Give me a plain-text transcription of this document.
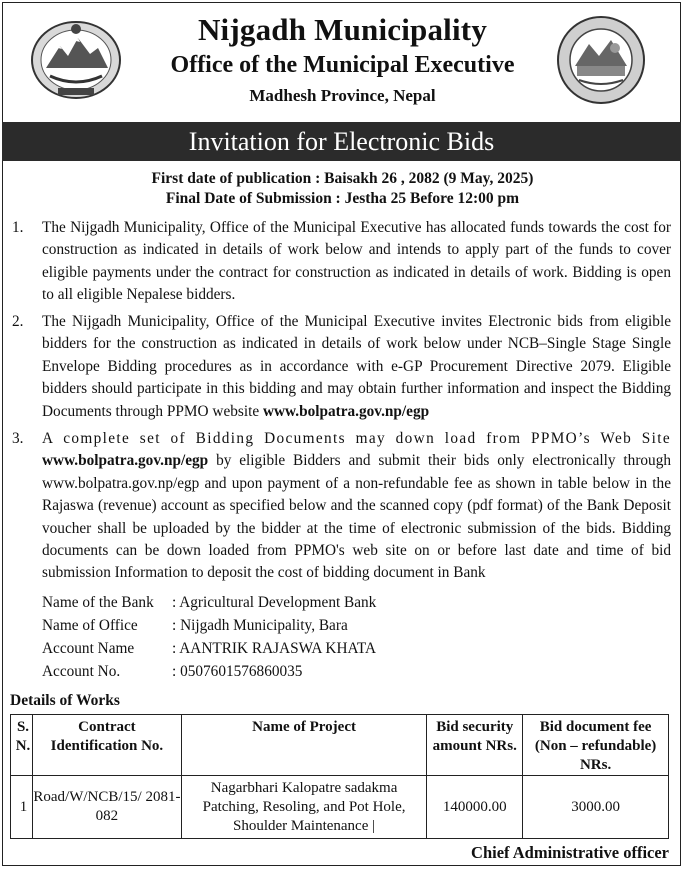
Nijgadh Municipality
Office of the Municipal Executive
Madhesh Province, Nepal
Invitation for Electronic Bids
First date of publication : Baisakh 26 , 2082 (9 May, 2025)
Final Date of Submission : Jestha 25 Before 12:00 pm
1. The Nijgadh Municipality, Office of the Municipal Executive has allocated funds towards the cost for construction as indicated in details of work below and intends to apply part of the funds to cover eligible payments under the contract for construction as indicated in details of work. Bidding is open to all eligible Nepalese bidders.
2. The Nijgadh Municipality, Office of the Municipal Executive invites Electronic bids from eligible bidders for the construction as indicated in details of work below under NCB–Single Stage Single Envelope Bidding procedures as in accordance with e-GP Procurement Directive 2079. Eligible bidders should participate in this bidding and may obtain further information and inspect the Bidding Documents through PPMO website www.bolpatra.gov.np/egp
3. A complete set of Bidding Documents may down load from PPMO’s Web Site www.bolpatra.gov.np/egp by eligible Bidders and submit their bids only electronically through www.bolpatra.gov.np/egp and upon payment of a non-refundable fee as shown in table below in the Rajaswa (revenue) account as specified below and the scanned copy (pdf format) of the Bank Deposit voucher shall be uploaded by the bidder at the time of electronic submission of the bids. Bidding documents can be down loaded from PPMO's web site on or before last date and time of bid submission Information to deposit the cost of bidding document in Bank
Name of the Bank : Agricultural Development Bank
Name of Office : Nijgadh Municipality, Bara
Account Name : AANTRIK RAJASWA KHATA
Account No.	: 0507601576860035
Details of Works
S. N.	Contract Identification No.	Name of Project	Bid security amount NRs.	Bid document fee (Non – refundable) NRs.
1	Road/W/NCB/15/ 2081- 082	Nagarbhari Kalopatre sadakma Patching, Resoling, and Pot Hole, Shoulder Maintenance |	140000.00	3000.00
Chief Administrative officer
